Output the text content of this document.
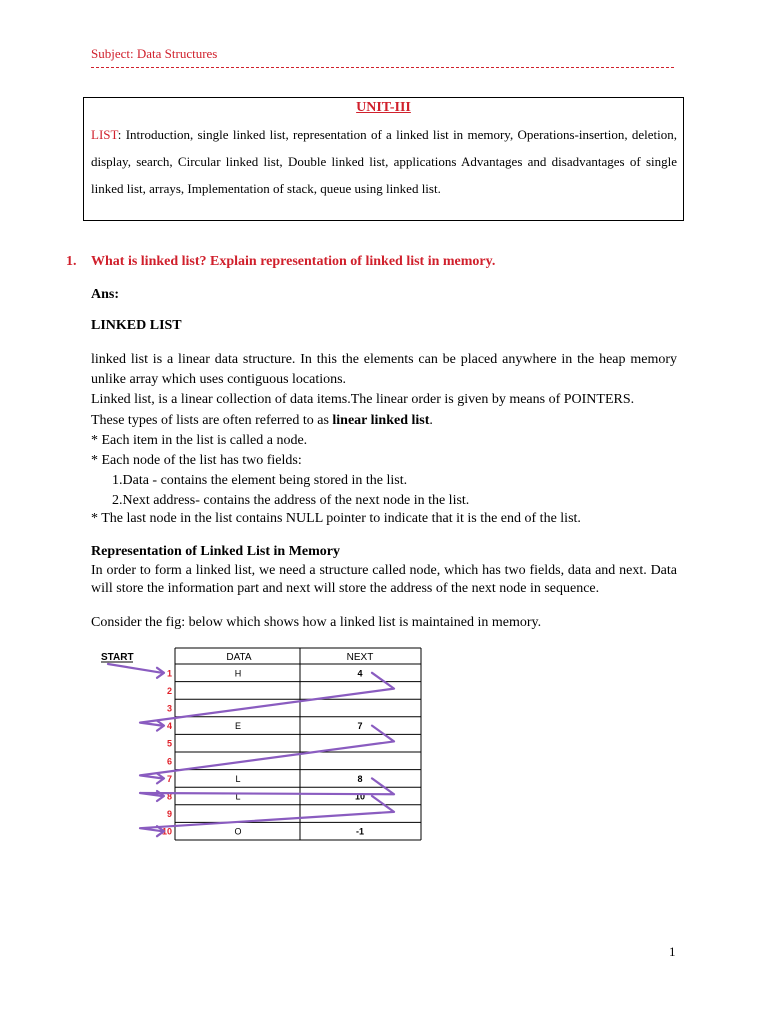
Subject: Data Structures
UNIT-III
LIST: Introduction, single linked list, representation of a linked list in memory, Operations-insertion, deletion, display, search, Circular linked list, Double linked list, applications Advantages and disadvantages of single linked list, arrays, Implementation of stack, queue using linked list.
1. What is linked list? Explain representation of linked list in memory.
Ans:
LINKED LIST
linked list is a linear data structure. In this the elements can be placed anywhere in the heap memory unlike array which uses contiguous locations.
Linked list, is a linear collection of data items.The linear order is given by means of POINTERS.
These types of lists are often referred to as linear linked list.
* Each item in the list is called a node.
* Each node of the list has two fields:
1.Data - contains the element being stored in the list.
2.Next address- contains the address of the next node in the list.
* The last node in the list contains NULL pointer to indicate that it is the end of the list.
Representation of Linked List in Memory
In order to form a linked list, we need a structure called node, which has two fields, data and next. Data will store the information part and next will store the address of the next node in sequence.
Consider the fig: below which shows how a linked list is maintained in memory.
START	DATA	NEXT
1	H	4
2
3
4	E	7
5
6
7	L	8
8	L	10
9
10	O	-1
1
